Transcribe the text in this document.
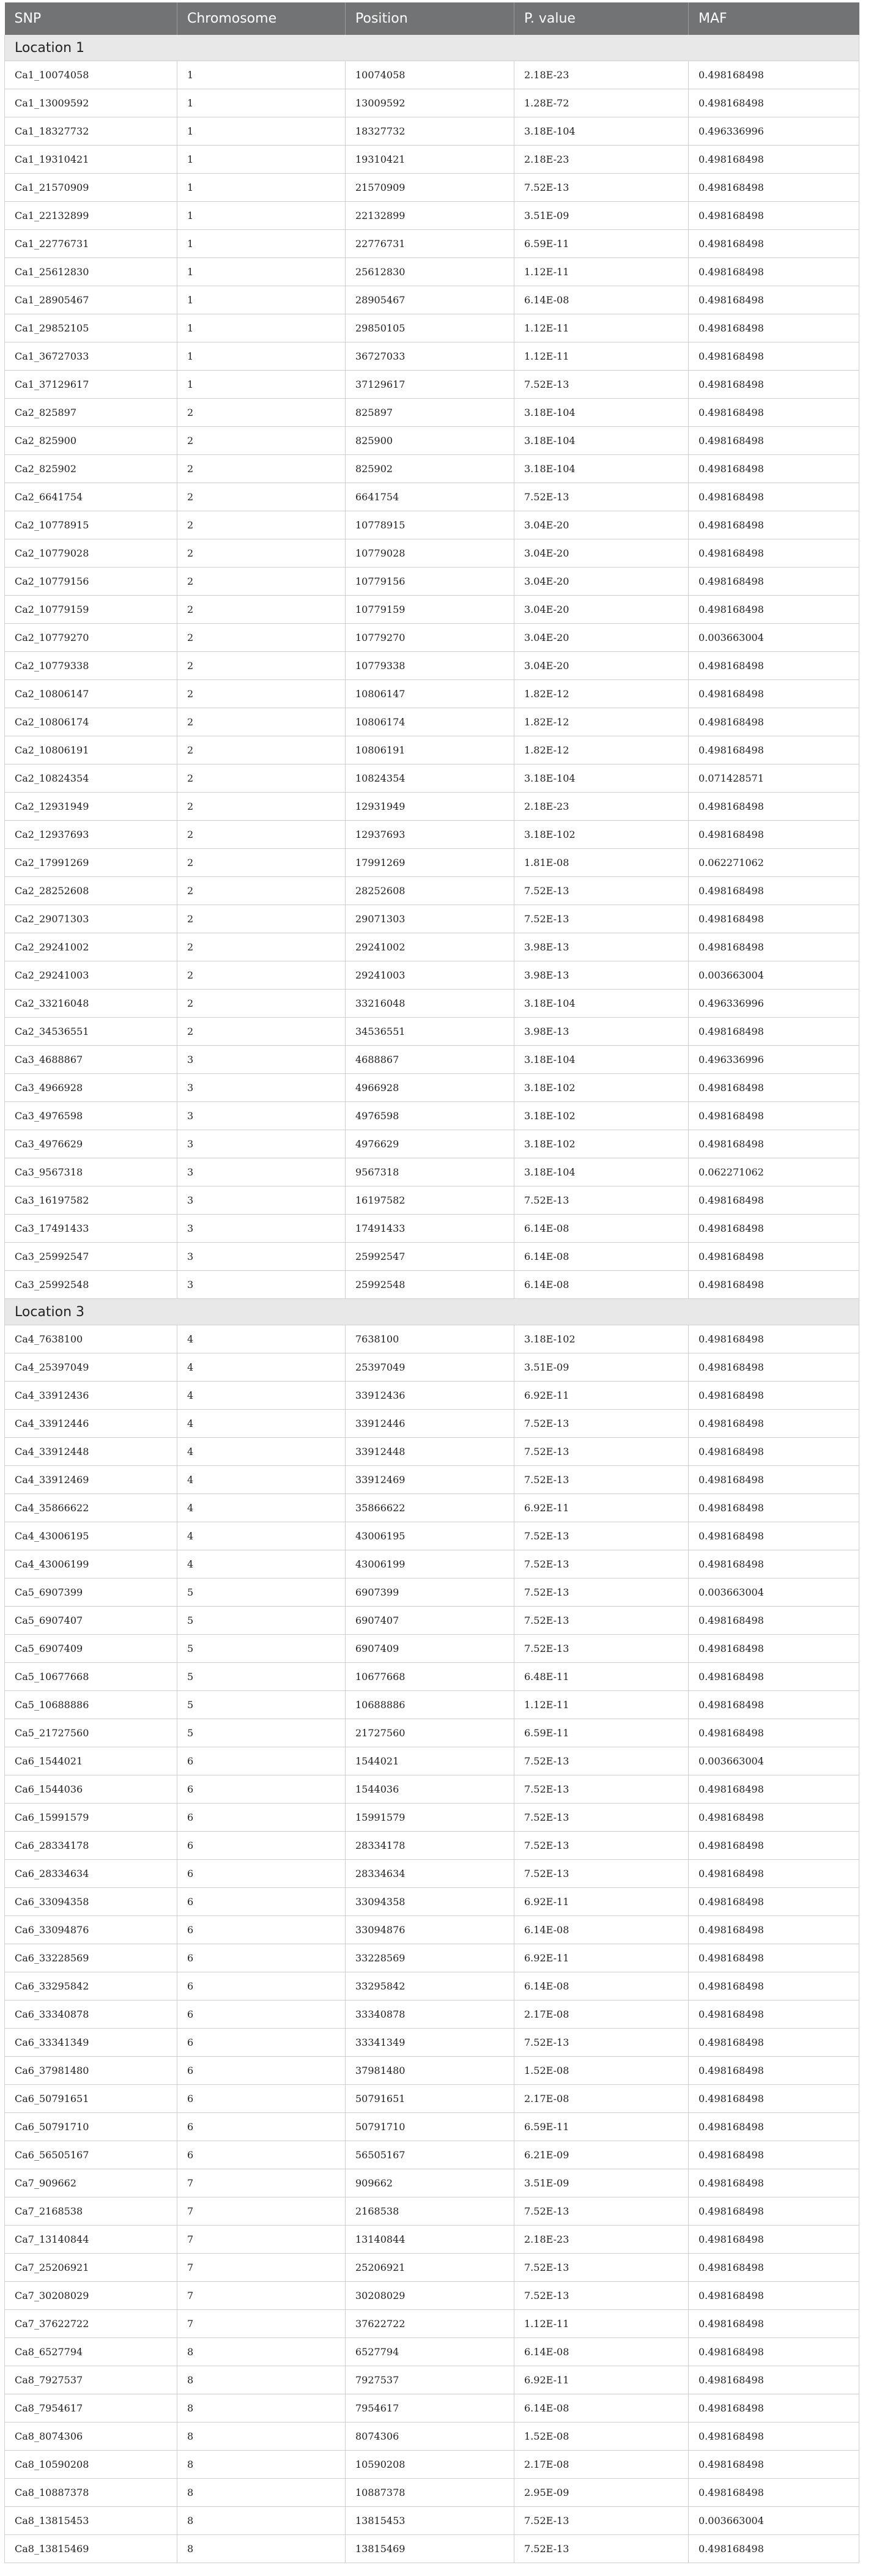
SNP	Chromosome	Position	P. value	MAF
Location 1				
Ca1_10074058	1	10074058	2.18E-23	0.498168498
Ca1_13009592	1	13009592	1.28E-72	0.498168498
Ca1_18327732	1	18327732	3.18E-104	0.496336996
Ca1_19310421	1	19310421	2.18E-23	0.498168498
Ca1_21570909	1	21570909	7.52E-13	0.498168498
Ca1_22132899	1	22132899	3.51E-09	0.498168498
Ca1_22776731	1	22776731	6.59E-11	0.498168498
Ca1_25612830	1	25612830	1.12E-11	0.498168498
Ca1_28905467	1	28905467	6.14E-08	0.498168498
Ca1_29852105	1	29850105	1.12E-11	0.498168498
Ca1_36727033	1	36727033	1.12E-11	0.498168498
Ca1_37129617	1	37129617	7.52E-13	0.498168498
Ca2_825897	2	825897	3.18E-104	0.498168498
Ca2_825900	2	825900	3.18E-104	0.498168498
Ca2_825902	2	825902	3.18E-104	0.498168498
Ca2_6641754	2	6641754	7.52E-13	0.498168498
Ca2_10778915	2	10778915	3.04E-20	0.498168498
Ca2_10779028	2	10779028	3.04E-20	0.498168498
Ca2_10779156	2	10779156	3.04E-20	0.498168498
Ca2_10779159	2	10779159	3.04E-20	0.498168498
Ca2_10779270	2	10779270	3.04E-20	0.003663004
Ca2_10779338	2	10779338	3.04E-20	0.498168498
Ca2_10806147	2	10806147	1.82E-12	0.498168498
Ca2_10806174	2	10806174	1.82E-12	0.498168498
Ca2_10806191	2	10806191	1.82E-12	0.498168498
Ca2_10824354	2	10824354	3.18E-104	0.071428571
Ca2_12931949	2	12931949	2.18E-23	0.498168498
Ca2_12937693	2	12937693	3.18E-102	0.498168498
Ca2_17991269	2	17991269	1.81E-08	0.062271062
Ca2_28252608	2	28252608	7.52E-13	0.498168498
Ca2_29071303	2	29071303	7.52E-13	0.498168498
Ca2_29241002	2	29241002	3.98E-13	0.498168498
Ca2_29241003	2	29241003	3.98E-13	0.003663004
Ca2_33216048	2	33216048	3.18E-104	0.496336996
Ca2_34536551	2	34536551	3.98E-13	0.498168498
Ca3_4688867	3	4688867	3.18E-104	0.496336996
Ca3_4966928	3	4966928	3.18E-102	0.498168498
Ca3_4976598	3	4976598	3.18E-102	0.498168498
Ca3_4976629	3	4976629	3.18E-102	0.498168498
Ca3_9567318	3	9567318	3.18E-104	0.062271062
Ca3_16197582	3	16197582	7.52E-13	0.498168498
Ca3_17491433	3	17491433	6.14E-08	0.498168498
Ca3_25992547	3	25992547	6.14E-08	0.498168498
Ca3_25992548	3	25992548	6.14E-08	0.498168498
Location 3				
Ca4_7638100	4	7638100	3.18E-102	0.498168498
Ca4_25397049	4	25397049	3.51E-09	0.498168498
Ca4_33912436	4	33912436	6.92E-11	0.498168498
Ca4_33912446	4	33912446	7.52E-13	0.498168498
Ca4_33912448	4	33912448	7.52E-13	0.498168498
Ca4_33912469	4	33912469	7.52E-13	0.498168498
Ca4_35866622	4	35866622	6.92E-11	0.498168498
Ca4_43006195	4	43006195	7.52E-13	0.498168498
Ca4_43006199	4	43006199	7.52E-13	0.498168498
Ca5_6907399	5	6907399	7.52E-13	0.003663004
Ca5_6907407	5	6907407	7.52E-13	0.498168498
Ca5_6907409	5	6907409	7.52E-13	0.498168498
Ca5_10677668	5	10677668	6.48E-11	0.498168498
Ca5_10688886	5	10688886	1.12E-11	0.498168498
Ca5_21727560	5	21727560	6.59E-11	0.498168498
Ca6_1544021	6	1544021	7.52E-13	0.003663004
Ca6_1544036	6	1544036	7.52E-13	0.498168498
Ca6_15991579	6	15991579	7.52E-13	0.498168498
Ca6_28334178	6	28334178	7.52E-13	0.498168498
Ca6_28334634	6	28334634	7.52E-13	0.498168498
Ca6_33094358	6	33094358	6.92E-11	0.498168498
Ca6_33094876	6	33094876	6.14E-08	0.498168498
Ca6_33228569	6	33228569	6.92E-11	0.498168498
Ca6_33295842	6	33295842	6.14E-08	0.498168498
Ca6_33340878	6	33340878	2.17E-08	0.498168498
Ca6_33341349	6	33341349	7.52E-13	0.498168498
Ca6_37981480	6	37981480	1.52E-08	0.498168498
Ca6_50791651	6	50791651	2.17E-08	0.498168498
Ca6_50791710	6	50791710	6.59E-11	0.498168498
Ca6_56505167	6	56505167	6.21E-09	0.498168498
Ca7_909662	7	909662	3.51E-09	0.498168498
Ca7_2168538	7	2168538	7.52E-13	0.498168498
Ca7_13140844	7	13140844	2.18E-23	0.498168498
Ca7_25206921	7	25206921	7.52E-13	0.498168498
Ca7_30208029	7	30208029	7.52E-13	0.498168498
Ca7_37622722	7	37622722	1.12E-11	0.498168498
Ca8_6527794	8	6527794	6.14E-08	0.498168498
Ca8_7927537	8	7927537	6.92E-11	0.498168498
Ca8_7954617	8	7954617	6.14E-08	0.498168498
Ca8_8074306	8	8074306	1.52E-08	0.498168498
Ca8_10590208	8	10590208	2.17E-08	0.498168498
Ca8_10887378	8	10887378	2.95E-09	0.498168498
Ca8_13815453	8	13815453	7.52E-13	0.003663004
Ca8_13815469	8	13815469	7.52E-13	0.498168498
